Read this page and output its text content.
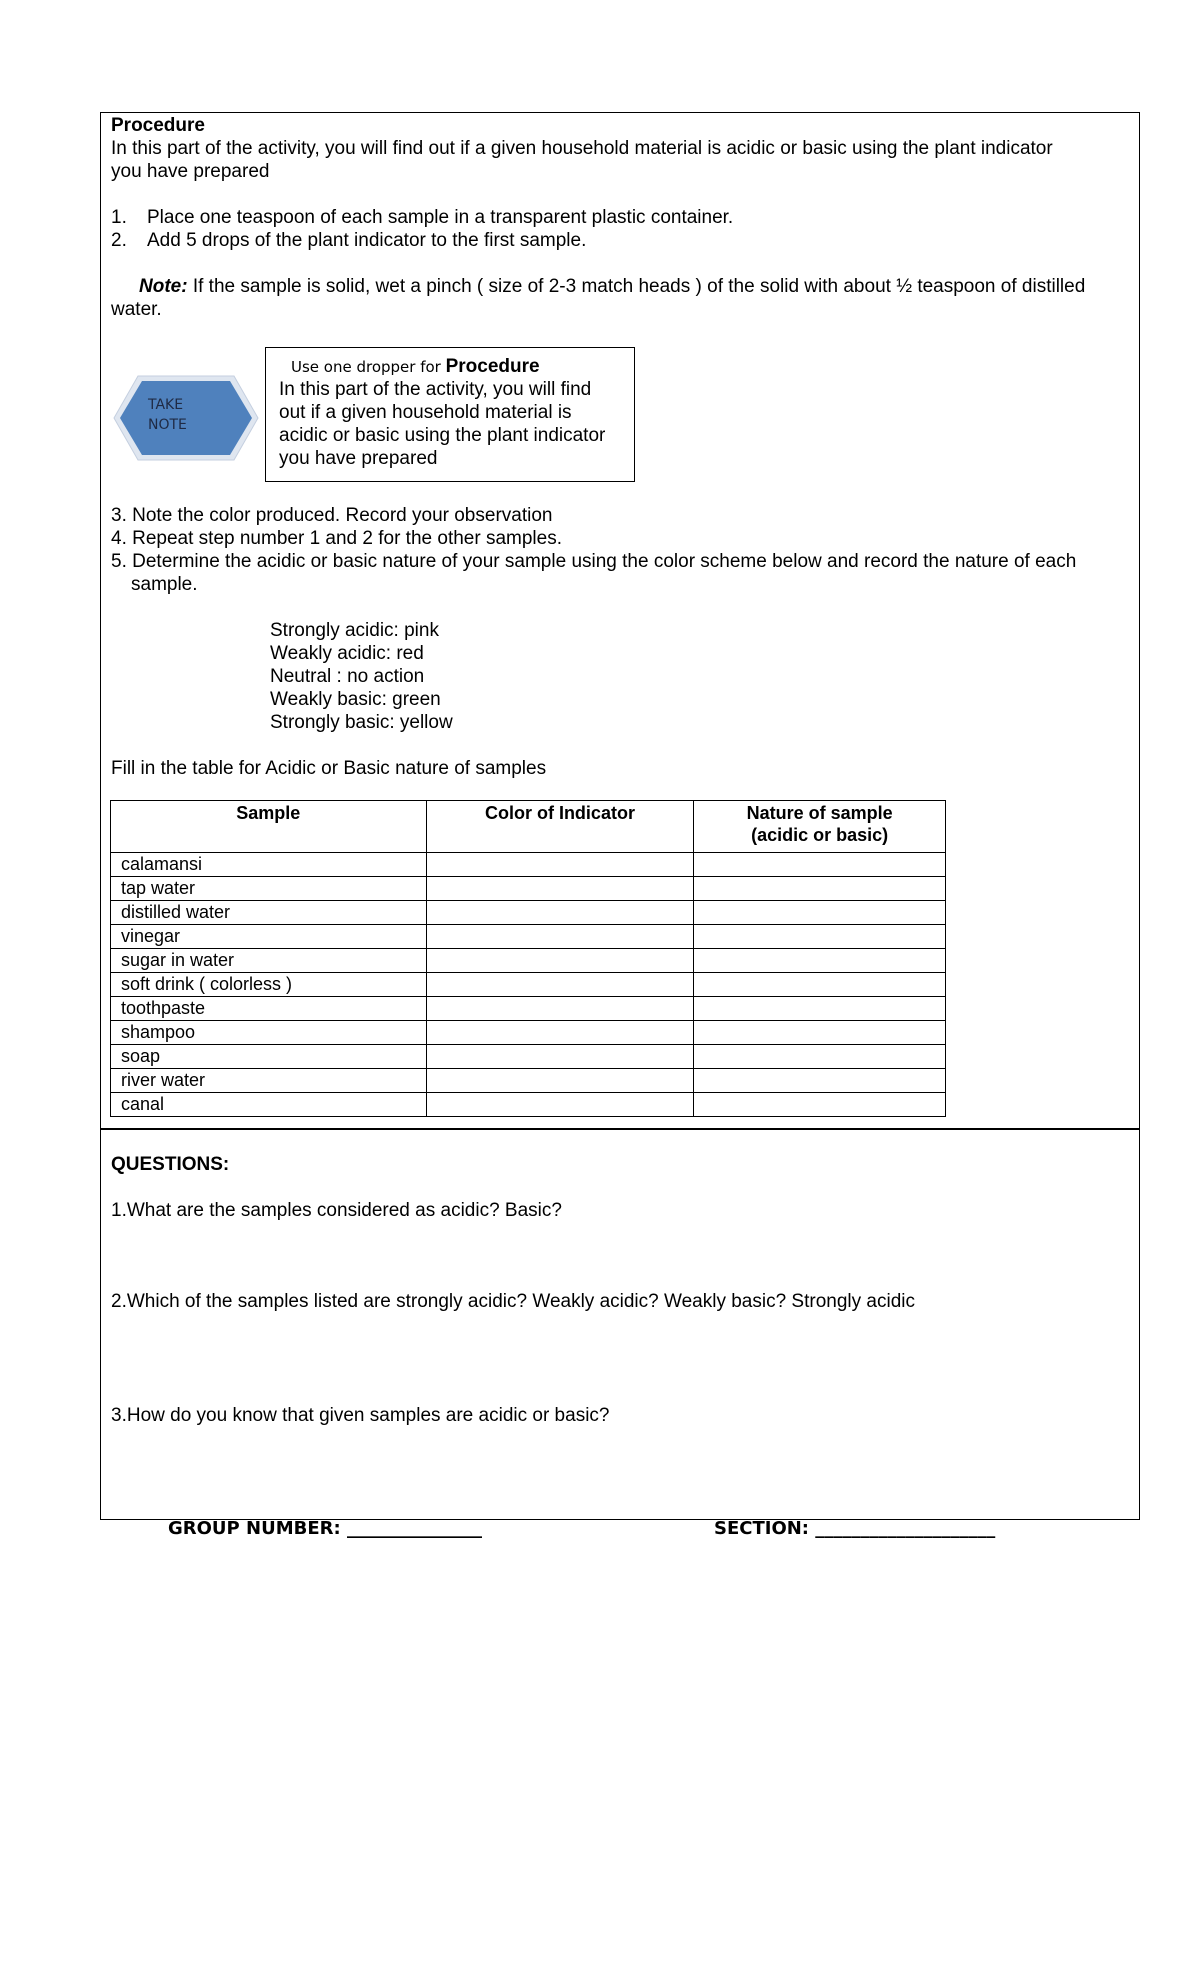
Procedure
In this part of the activity, you will find out if a given household material is acidic or basic using the plant indicator
you have prepared
1. Place one teaspoon of each sample in a transparent plastic container.
2. Add 5 drops of the plant indicator to the first sample.
Note: If the sample is solid, wet a pinch ( size of 2-3 match heads ) of the solid with about ½ teaspoon of distilled
water.
TAKE
NOTE
Use one dropper for Procedure
In this part of the activity, you will find
out if a given household material is
acidic or basic using the plant indicator
you have prepared
3. Note the color produced. Record your observation
4. Repeat step number 1 and 2 for the other samples.
5. Determine the acidic or basic nature of your sample using the color scheme below and record the nature of each
sample.
Strongly acidic: pink
Weakly acidic: red
Neutral : no action
Weakly basic: green
Strongly basic: yellow
Fill in the table for Acidic or Basic nature of samples
Sample	Color of Indicator	Nature of sample
(acidic or basic)

calamansi		
tap water		
distilled water		
vinegar		
sugar in water		
soft drink ( colorless )		
toothpaste		
shampoo		
soap		
river water		
canal		
QUESTIONS:
1.What are the samples considered as acidic? Basic?
2.Which of the samples listed are strongly acidic? Weakly acidic? Weakly basic? Strongly acidic
3.How do you know that given samples are acidic or basic?
GROUP NUMBER: _______________	SECTION: ____________________
